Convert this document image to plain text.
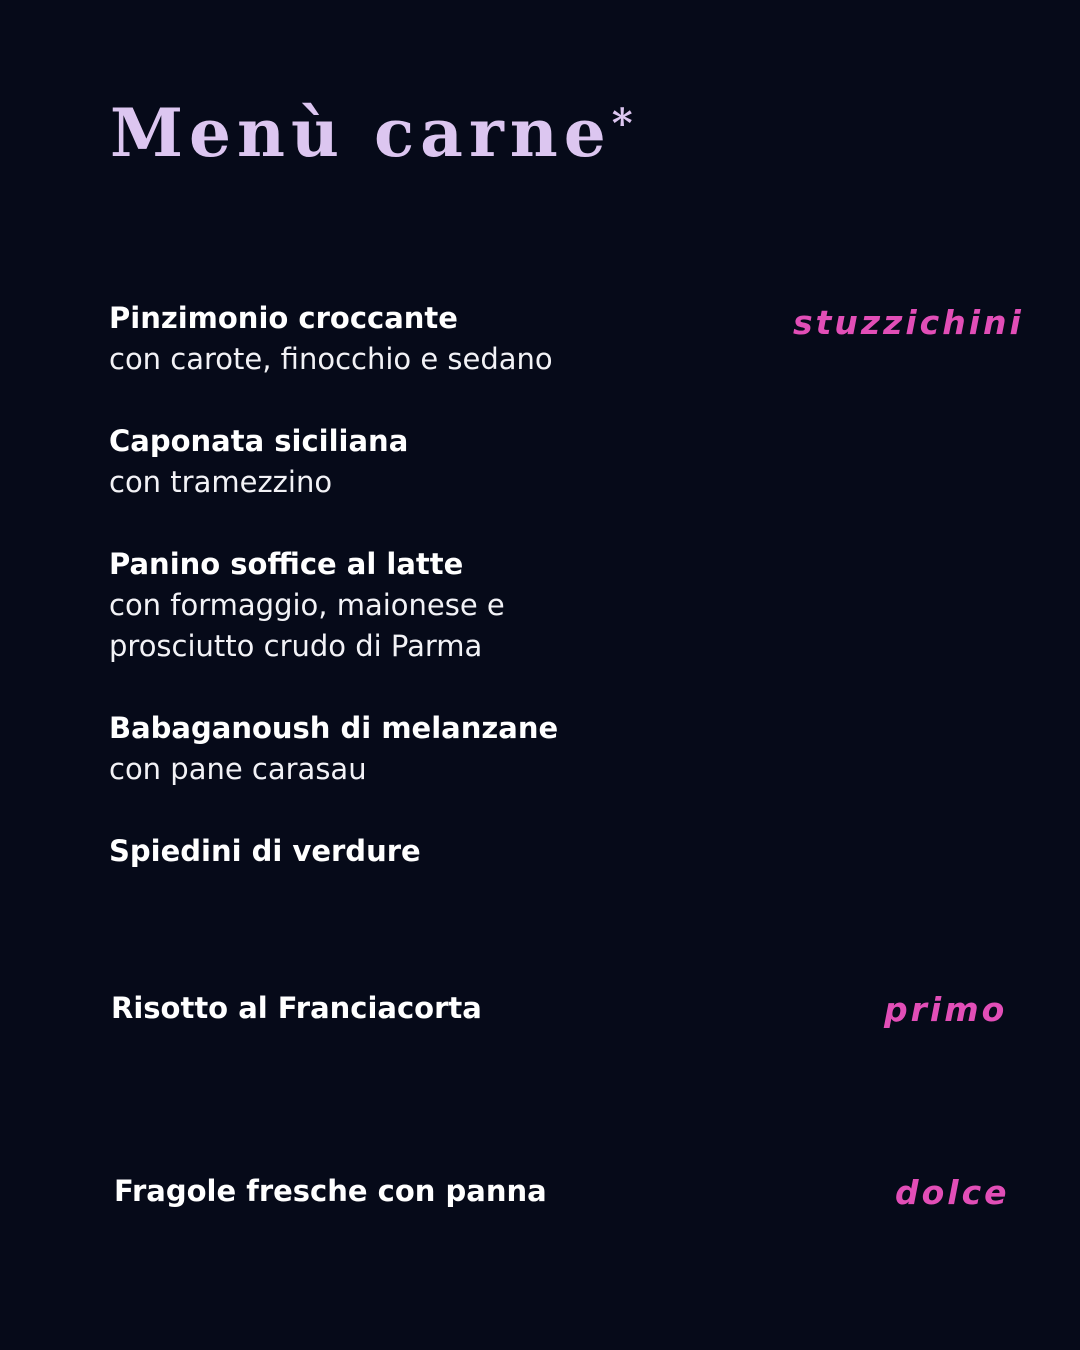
Menù carne*
stuzzichini
Pinzimonio croccante
con carote, finocchio e sedano
Caponata siciliana
con tramezzino
Panino soffice al latte
con formaggio, maionese e
prosciutto crudo di Parma
Babaganoush di melanzane
con pane carasau
Spiedini di verdure
Risotto al Franciacorta	primo
Fragole fresche con panna	dolce
